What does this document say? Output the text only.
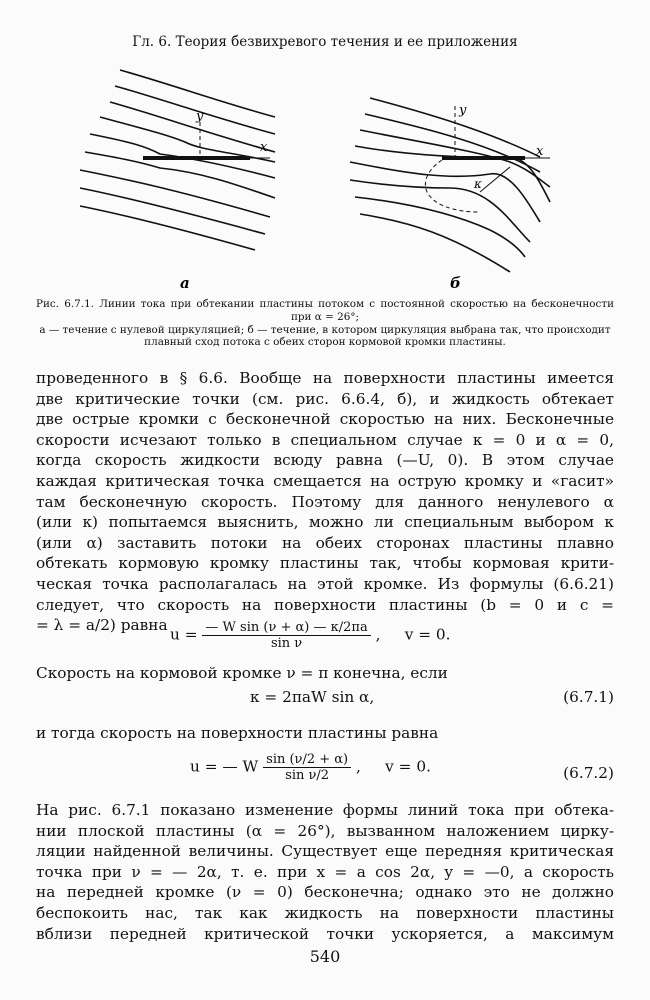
Гл. 6. Теория безвихревого течения и ее приложения
y
x
y
x
κ
а	б
Рис. 6.7.1. Линии тока при обтекании пластины потоком с постоянной скоростью на бесконечности при α = 26°;
а — течение с нулевой циркуляцией; б — течение, в котором циркуляция выбрана так, что происходит плавный сход потока с обеих сторон кормовой кромки пластины.
проведенного в § 6.6. Вообще на поверхности пластины имеется
две критические точки (см. рис. 6.6.4, б), и жидкость обтекает
две острые кромки с бесконечной скоростью на них. Бесконечные
скорости исчезают только в специальном случае κ = 0 и α = 0,
когда скорость жидкости всюду равна (—U, 0). В этом случае
каждая критическая точка смещается на острую кромку и «гасит»
там бесконечную скорость. Поэтому для данного ненулевого α
(или κ) попытаемся выяснить, можно ли специальным выбором κ
(или α) заставить потоки на обеих сторонах пластины плавно
обтекать кормовую кромку пластины так, чтобы кормовая крити-
ческая точка располагалась на этой кромке. Из формулы (6.6.21)
следует, что скорость на поверхности пластины (b = 0 и c =
= λ = a/2) равна
$u = \frac{\text{— W sin (ν + α) — κ/2πa}}{\text{sin ν}}$ ,     v = 0.
Скорость на кормовой кромке ν = π конечна, если
κ = 2πaW sin α,	(6.7.1)
и тогда скорость на поверхности пластины равна
u = — W $\frac{\sin (\nu/2 + \alpha)}{\text{sin ν/2}}$ ,     v = 0.	(6.7.2)
На рис. 6.7.1 показано изменение формы линий тока при обтека-
нии плоской пластины (α = 26°), вызванном наложением цирку-
ляции найденной величины. Существует еще передняя критическая
точка при ν = — 2α, т. е. при x = a cos 2α, y = —0, а скорость
на передней кромке (ν = 0) бесконечна; однако это не должно
беспокоить нас, так как жидкость на поверхности пластины
вблизи передней критической точки ускоряется, а максимум
540
